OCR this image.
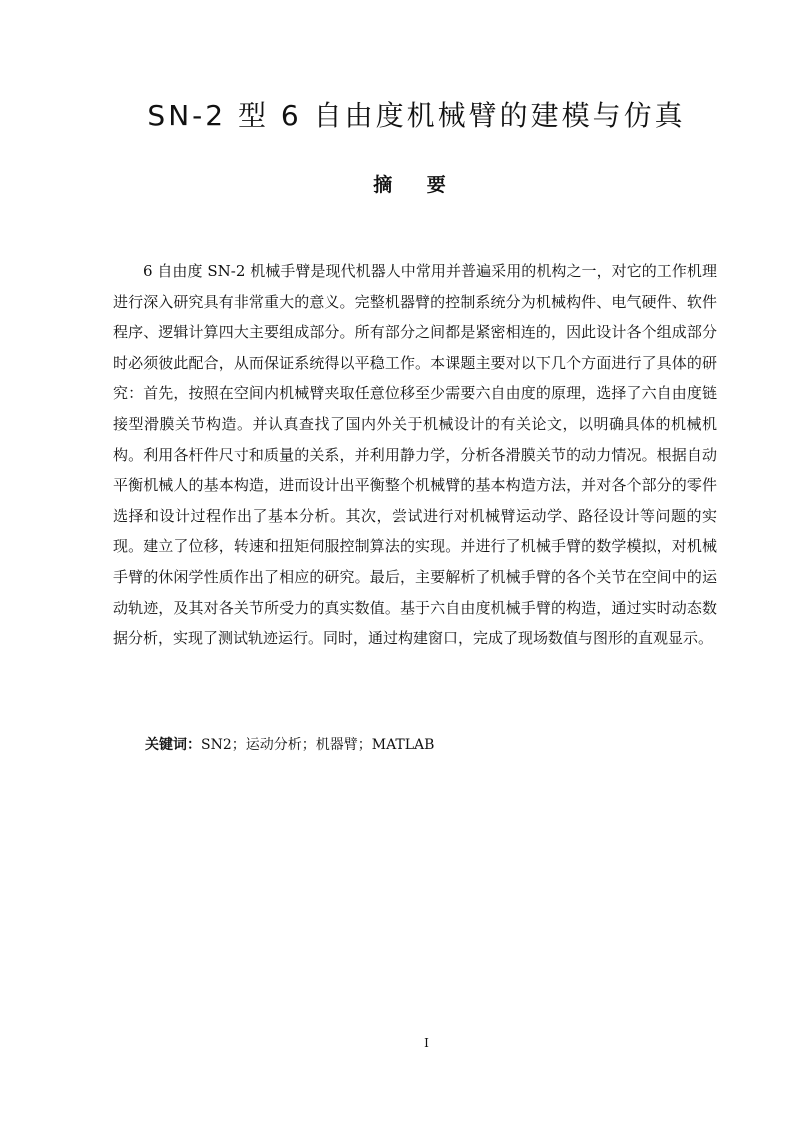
SN-2 型 6 自由度机械臂的建模与仿真
摘 要

6 自由度 SN-2 机械手臂是现代机器人中常用并普遍采用的机构之一，对它的工作机理进行深入研究具有非常重大的意义。完整机器臂的控制系统分为机械构件、电气硬件、软件程序、逻辑计算四大主要组成部分。所有部分之间都是紧密相连的，因此设计各个组成部分时必须彼此配合，从而保证系统得以平稳工作。本课题主要对以下几个方面进行了具体的研究：首先，按照在空间内机械臂夹取任意位移至少需要六自由度的原理，选择了六自由度链接型滑膜关节构造。并认真查找了国内外关于机械设计的有关论文，以明确具体的机械机构。利用各杆件尺寸和质量的关系，并利用静力学，分析各滑膜关节的动力情况。根据自动平衡机械人的基本构造，进而设计出平衡整个机械臂的基本构造方法，并对各个部分的零件选择和设计过程作出了基本分析。其次，尝试进行对机械臂运动学、路径设计等问题的实现。建立了位移，转速和扭矩伺服控制算法的实现。并进行了机械手臂的数学模拟，对机械手臂的休闲学性质作出了相应的研究。最后，主要解析了机械手臂的各个关节在空间中的运动轨迹，及其对各关节所受力的真实数值。基于六自由度机械手臂的构造，通过实时动态数据分析，实现了测试轨迹运行。同时，通过构建窗口，完成了现场数值与图形的直观显示。

关键词：SN2；运动分析；机器臂；MATLAB
I
